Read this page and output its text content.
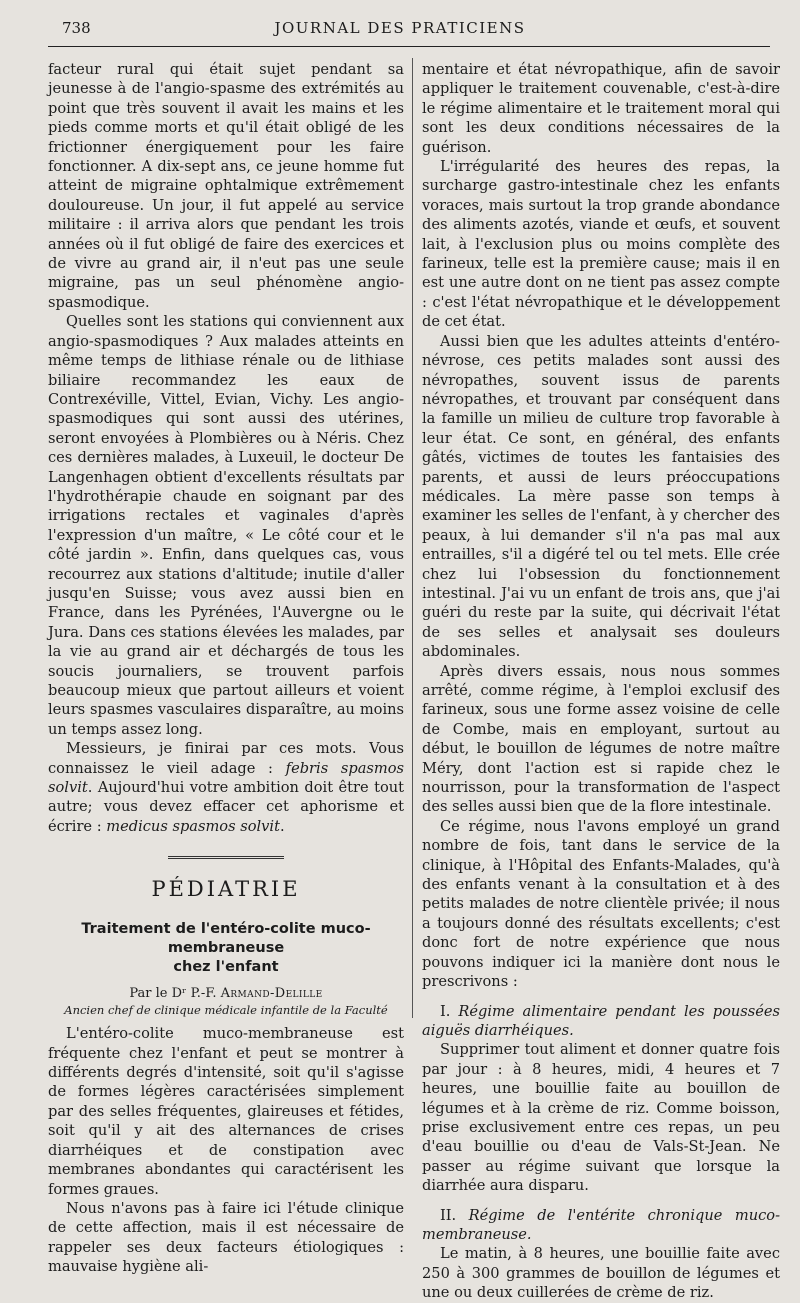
738	JOURNAL DES PRATICIENS

facteur rural qui était sujet pendant sa jeunesse à de l'angio-spasme des extrémités au point que très souvent il avait les mains et les pieds comme morts et qu'il était obligé de les frictionner énergiquement pour les faire fonctionner. A dix-sept ans, ce jeune homme fut atteint de migraine ophtalmique extrêmement douloureuse. Un jour, il fut appelé au service militaire : il arriva alors que pendant les trois années où il fut obligé de faire des exercices et de vivre au grand air, il n'eut pas une seule migraine, pas un seul phénomène angio-spasmodique.

Quelles sont les stations qui conviennent aux angio-spasmodiques ? Aux malades atteints en même temps de lithiase rénale ou de lithiase biliaire recommandez les eaux de Contrexéville, Vittel, Evian, Vichy. Les angio-spasmodiques qui sont aussi des utérines, seront envoyées à Plombières ou à Néris. Chez ces dernières malades, à Luxeuil, le docteur De Langenhagen obtient d'excellents résultats par l'hydrothérapie chaude en soignant par des irrigations rectales et vaginales d'après l'expression d'un maître, « Le côté cour et le côté jardin ». Enfin, dans quelques cas, vous recourrez aux stations d'altitude; inutile d'aller jusqu'en Suisse; vous avez aussi bien en France, dans les Pyrénées, l'Auvergne ou le Jura. Dans ces stations élevées les malades, par la vie au grand air et déchargés de tous les soucis journaliers, se trouvent parfois beaucoup mieux que partout ailleurs et voient leurs spasmes vasculaires disparaître, au moins un temps assez long.

Messieurs, je finirai par ces mots. Vous connaissez le vieil adage : febris spasmos solvit. Aujourd'hui votre ambition doit être tout autre; vous devez effacer cet aphorisme et écrire : medicus spasmos solvit.

PÉDIATRIE
Traitement de l'entéro-colite muco-membraneuse
chez l'enfant
Par le Dʳ P.-F. Armand-Delille
Ancien chef de clinique médicale infantile de la Faculté

L'entéro-colite muco-membraneuse est fréquente chez l'enfant et peut se montrer à différents degrés d'intensité, soit qu'il s'agisse de formes légères caractérisées simplement par des selles fréquentes, glaireuses et fétides, soit qu'il y ait des alternances de crises diarrhéiques et de constipation avec membranes abondantes qui caractérisent les formes graues.

Nous n'avons pas à faire ici l'étude clinique de cette affection, mais il est nécessaire de rappeler ses deux facteurs étiologiques : mauvaise hygiène ali-

mentaire et état névropathique, afin de savoir appliquer le traitement couvenable, c'est-à-dire le régime alimentaire et le traitement moral qui sont les deux conditions nécessaires de la guérison.

L'irrégularité des heures des repas, la surcharge gastro-intestinale chez les enfants voraces, mais surtout la trop grande abondance des aliments azotés, viande et œufs, et souvent lait, à l'exclusion plus ou moins complète des farineux, telle est la première cause; mais il en est une autre dont on ne tient pas assez compte : c'est l'état névropathique et le développement de cet état.

Aussi bien que les adultes atteints d'entéro-névrose, ces petits malades sont aussi des névropathes, souvent issus de parents névropathes, et trouvant par conséquent dans la famille un milieu de culture trop favorable à leur état. Ce sont, en général, des enfants gâtés, victimes de toutes les fantaisies des parents, et aussi de leurs préoccupations médicales. La mère passe son temps à examiner les selles de l'enfant, à y chercher des peaux, à lui demander s'il n'a pas mal aux entrailles, s'il a digéré tel ou tel mets. Elle crée chez lui l'obsession du fonctionnement intestinal. J'ai vu un enfant de trois ans, que j'ai guéri du reste par la suite, qui décrivait l'état de ses selles et analysait ses douleurs abdominales.

Après divers essais, nous nous sommes arrêté, comme régime, à l'emploi exclusif des farineux, sous une forme assez voisine de celle de Combe, mais en employant, surtout au début, le bouillon de légumes de notre maître Méry, dont l'action est si rapide chez le nourrisson, pour la transformation de l'aspect des selles aussi bien que de la flore intestinale.

Ce régime, nous l'avons employé un grand nombre de fois, tant dans le service de la clinique, à l'Hôpital des Enfants-Malades, qu'à des enfants venant à la consultation et à des petits malades de notre clientèle privée; il nous a toujours donné des résultats excellents; c'est donc fort de notre expérience que nous pouvons indiquer ici la manière dont nous le prescrivons :

I. Régime alimentaire pendant les poussées aiguës diarrhéiques.

Supprimer tout aliment et donner quatre fois par jour : à 8 heures, midi, 4 heures et 7 heures, une bouillie faite au bouillon de légumes et à la crème de riz. Comme boisson, prise exclusivement entre ces repas, un peu d'eau bouillie ou d'eau de Vals-St-Jean. Ne passer au régime suivant que lorsque la diarrhée aura disparu.

II. Régime de l'entérite chronique muco-membraneuse.

Le matin, à 8 heures, une bouillie faite avec 250 à 300 grammes de bouillon de légumes et une ou deux cuillerées de crème de riz.
